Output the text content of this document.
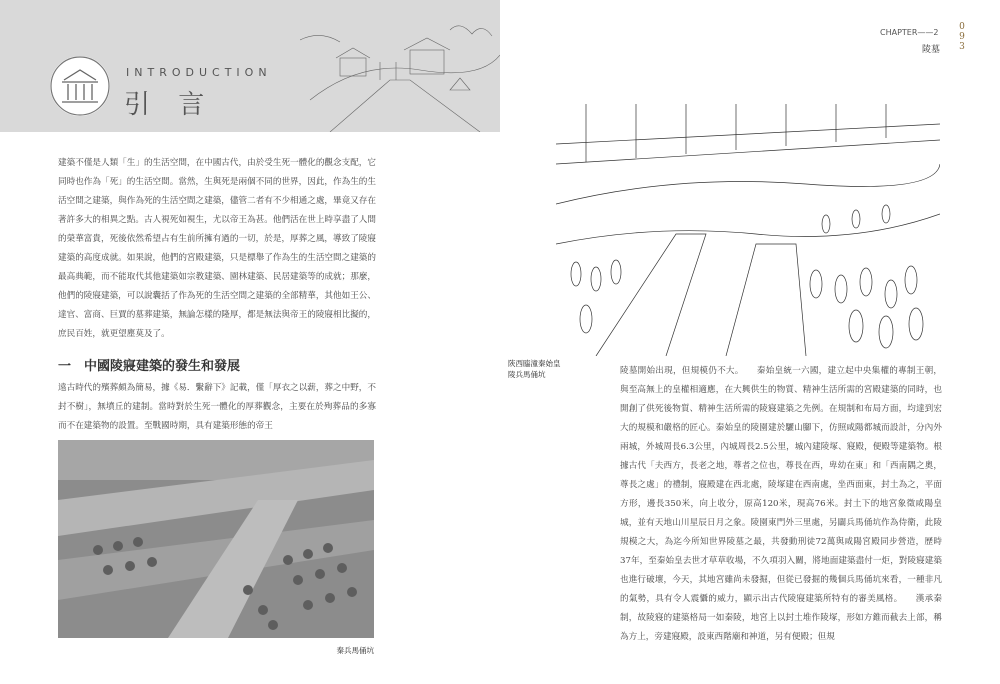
INTRODUCTION
引 言
建築不僅是人類「生」的生活空間，在中國古代，由於受生死一體化的觀念支配，它同時也作為「死」的生活空間。當然，生與死是兩個不同的世界，因此，作為生的生活空間之建築，與作為死的生活空間之建築，儘管二者有不少相通之處，畢竟又存在著許多大的相異之點。古人視死如視生，尤以帝王為甚。他們活在世上時享盡了人間的榮華富貴，死後依然希望占有生前所擁有過的一切，於是，厚葬之風，導致了陵寢建築的高度成就。如果說，他們的宮殿建築，只是標舉了作為生的生活空間之建築的最高典範，而不能取代其他建築如宗教建築、園林建築、民居建築等的成就；那麼，他們的陵寢建築，可以說囊括了作為死的生活空間之建築的全部精華，其他如王公、達官、富商、巨賈的墓葬建築，無論怎樣的隆厚，都是無法與帝王的陵寢相比擬的，庶民百姓，就更望塵莫及了。
一　中國陵寢建築的發生和發展
遠古時代的殯葬頗為簡易，據《易．繫辭下》記載，僅「厚衣之以薪，葬之中野，不封不樹」，無墳丘的建制。當時對於生死一體化的厚葬觀念，主要在於殉葬品的多寡而不在建築物的設置。至戰國時期，具有建築形態的帝王
秦兵馬俑坑
CHAPTER——2
陵墓
0
9
3
陝西臨潼秦始皇陵兵馬俑坑	陵墓開始出現，但規模仍不大。　　秦始皇統一六國，建立起中央集權的專制王朝，與至高無上的皇權相適應，在大興供生的物質、精神生活所需的宮殿建築的同時，也開創了供死後物質、精神生活所需的陵寢建築之先例。在規制和布局方面，均達到宏大的規模和嚴格的匠心。秦始皇的陵園建於驪山腳下，仿照咸陽都城而設計，分內外兩城，外城周長6.3公里，內城周長2.5公里，城內建陵塚、寢殿，便殿等建築物。根據古代「夫西方，長老之地，尊者之位也，尊長在西，卑幼在東」和「西南隅之奧，尊長之處」的禮制，寢殿建在西北處，陵塚建在西南處，坐西面東，封土為之，平面方形，邊長350米，向上收分，原高120米，現高76米。封土下的地宮象徵咸陽皇城，並有天地山川星辰日月之象。陵園東門外三里處，另闢兵馬俑坑作為侍衛，此陵規模之大，為迄今所知世界陵墓之最，共發動刑徒72萬與咸陽宮殿同步營造，歷時37年，至秦始皇去世才草草收場，不久項羽入關，將地面建築盡付一炬，對陵寢建築也進行破壞，今天，其地宮雖尚未發掘，但從已發掘的幾個兵馬俑坑來看，一種非凡的氣勢，具有令人震懾的威力，顯示出古代陵寢建築所特有的審美風格。　　漢承秦制，故陵寢的建築格局一如秦陵，地宮上以封土堆作陵塚，形如方錐而截去上部，稱為方上，旁建寢殿，設東西階廟和神道，另有便殿；但規
